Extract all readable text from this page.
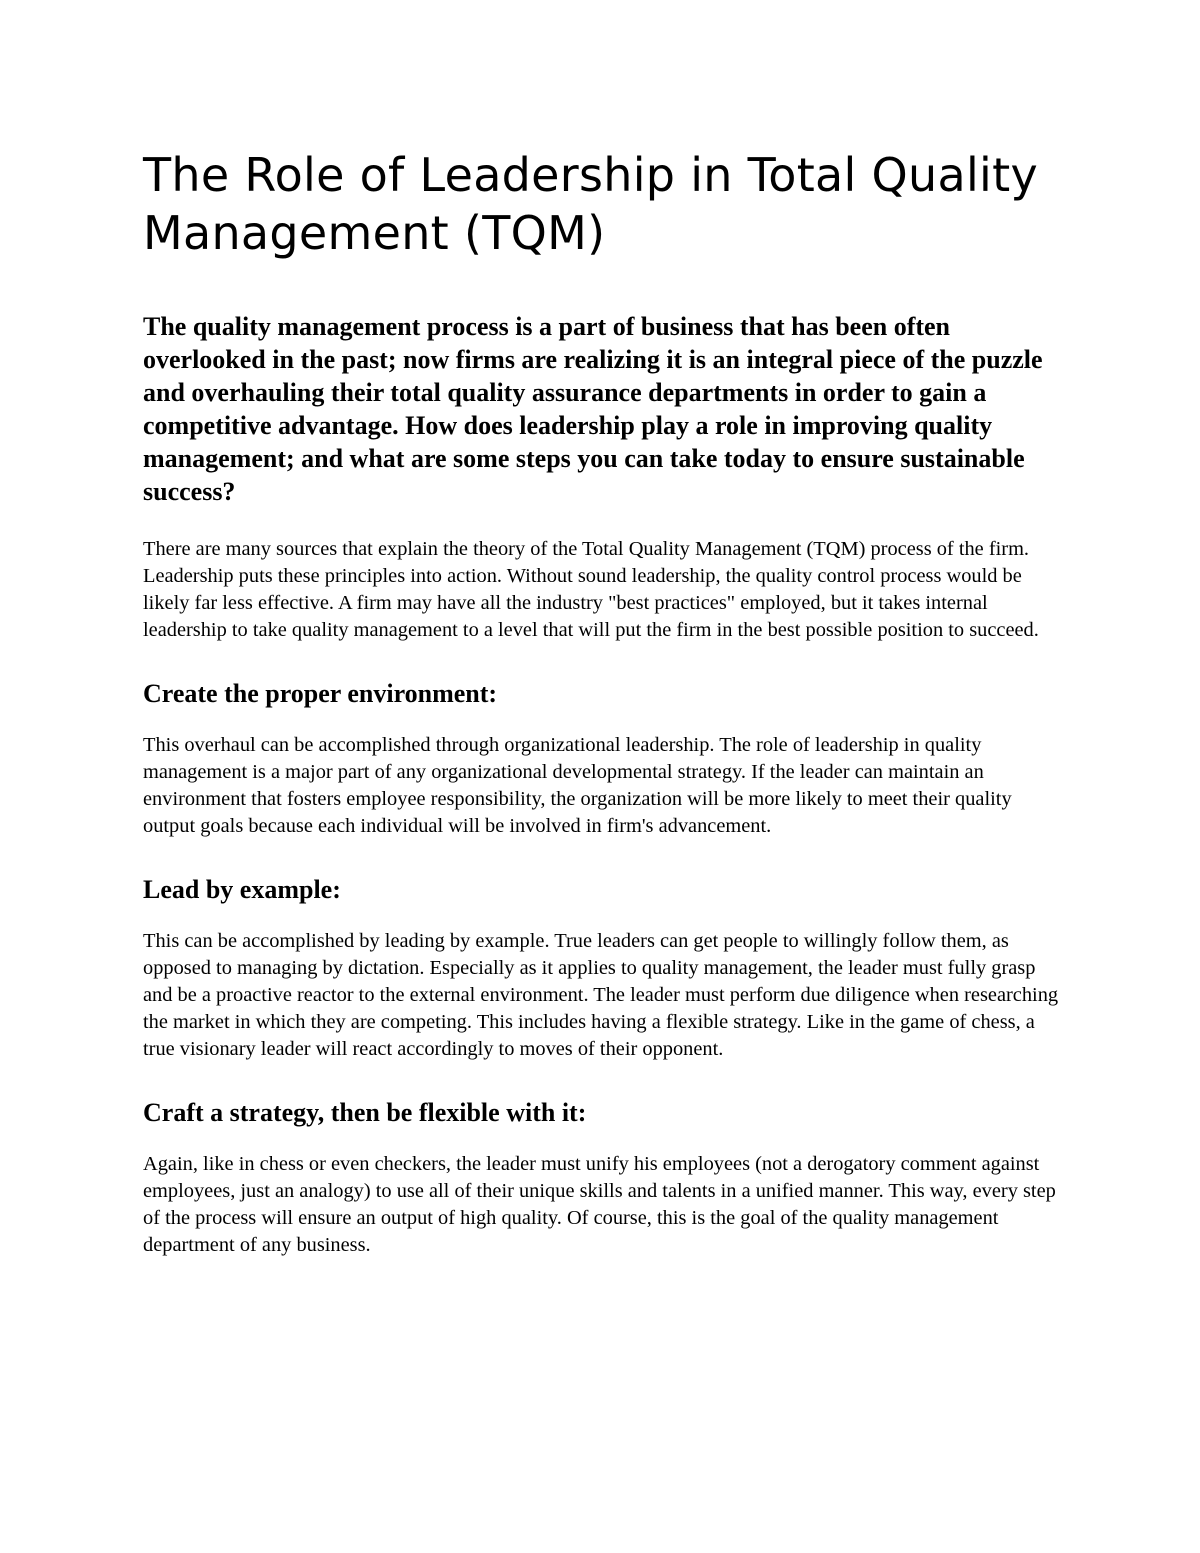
The Role of Leadership in Total Quality Management (TQM)

The quality management process is a part of business that has been often overlooked in the past; now firms are realizing it is an integral piece of the puzzle and overhauling their total quality assurance departments in order to gain a competitive advantage. How does leadership play a role in improving quality management; and what are some steps you can take today to ensure sustainable success?

There are many sources that explain the theory of the Total Quality Management (TQM) process of the firm. Leadership puts these principles into action. Without sound leadership, the quality control process would be likely far less effective. A firm may have all the industry "best practices" employed, but it takes internal leadership to take quality management to a level that will put the firm in the best possible position to succeed.

Create the proper environment:

This overhaul can be accomplished through organizational leadership. The role of leadership in quality management is a major part of any organizational developmental strategy. If the leader can maintain an environment that fosters employee responsibility, the organization will be more likely to meet their quality output goals because each individual will be involved in firm's advancement.

Lead by example:

This can be accomplished by leading by example. True leaders can get people to willingly follow them, as opposed to managing by dictation. Especially as it applies to quality management, the leader must fully grasp and be a proactive reactor to the external environment. The leader must perform due diligence when researching the market in which they are competing. This includes having a flexible strategy. Like in the game of chess, a true visionary leader will react accordingly to moves of their opponent.

Craft a strategy, then be flexible with it:

Again, like in chess or even checkers, the leader must unify his employees (not a derogatory comment against employees, just an analogy) to use all of their unique skills and talents in a unified manner. This way, every step of the process will ensure an output of high quality. Of course, this is the goal of the quality management department of any business.
